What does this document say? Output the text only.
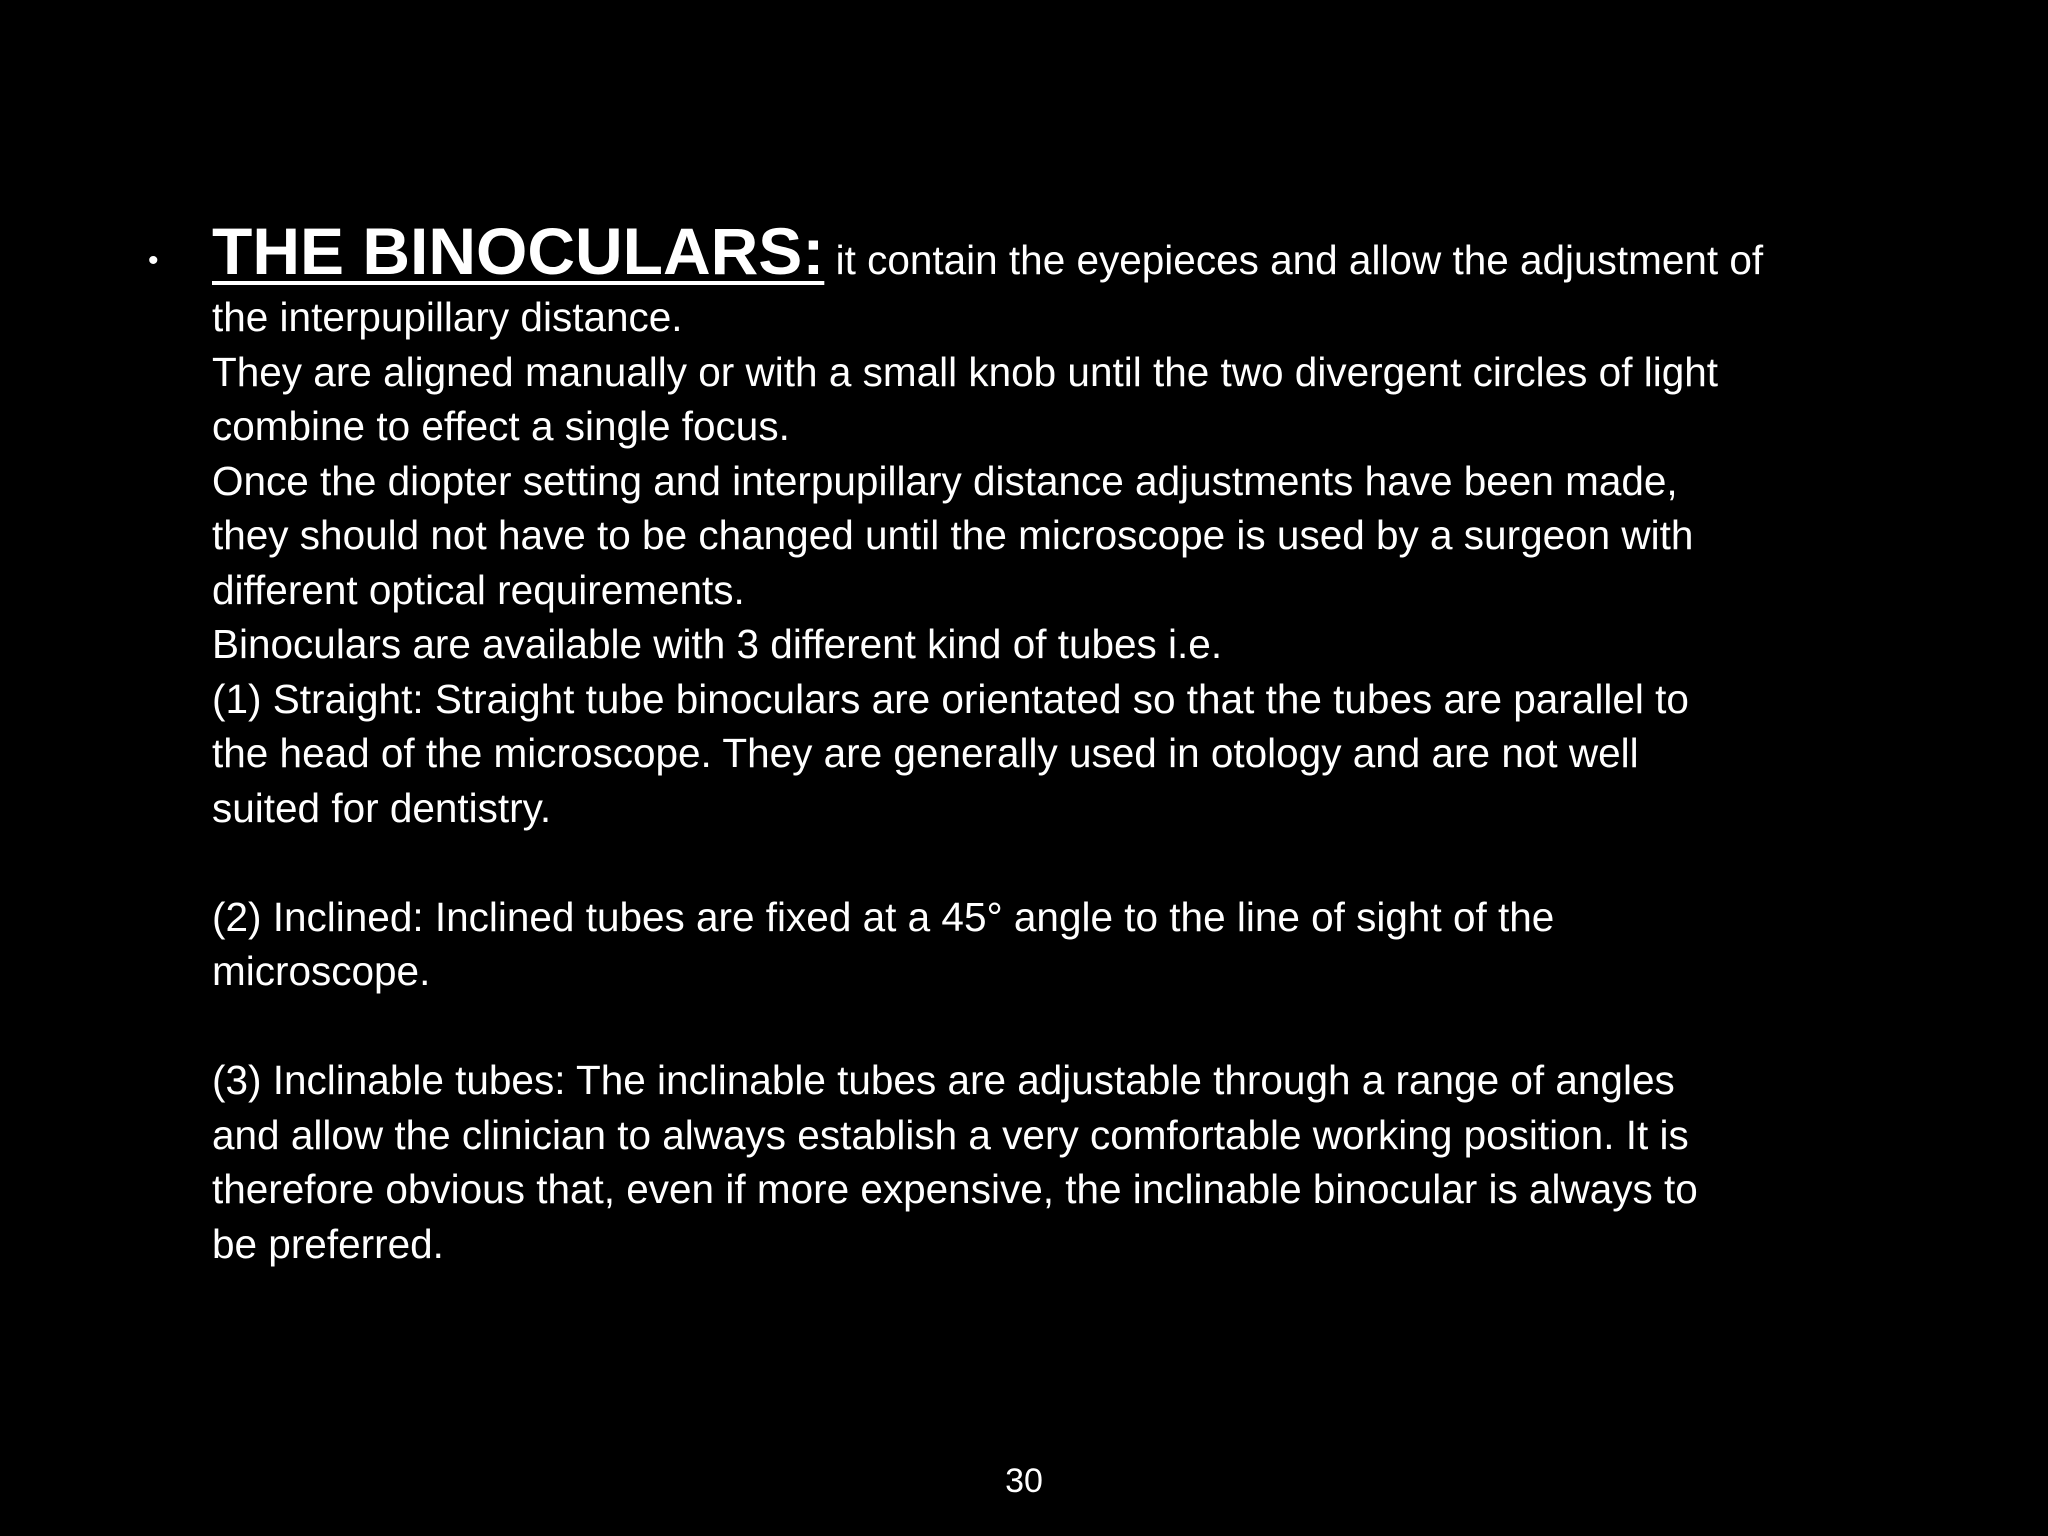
• THE BINOCULARS: it contain the eyepieces and allow the adjustment of
the interpupillary distance.
They are aligned manually or with a small knob until the two divergent circles of light
combine to effect a single focus.
Once the diopter setting and interpupillary distance adjustments have been made,
they should not have to be changed until the microscope is used by a surgeon with
different optical requirements.
Binoculars are available with 3 different kind of tubes i.e.
(1) Straight: Straight tube binoculars are orientated so that the tubes are parallel to
the head of the microscope. They are generally used in otology and are not well
suited for dentistry.
(2) Inclined: Inclined tubes are fixed at a 45° angle to the line of sight of the
microscope.
(3) Inclinable tubes: The inclinable tubes are adjustable through a range of angles
and allow the clinician to always establish a very comfortable working position. It is
therefore obvious that, even if more expensive, the inclinable binocular is always to
be preferred.
30
